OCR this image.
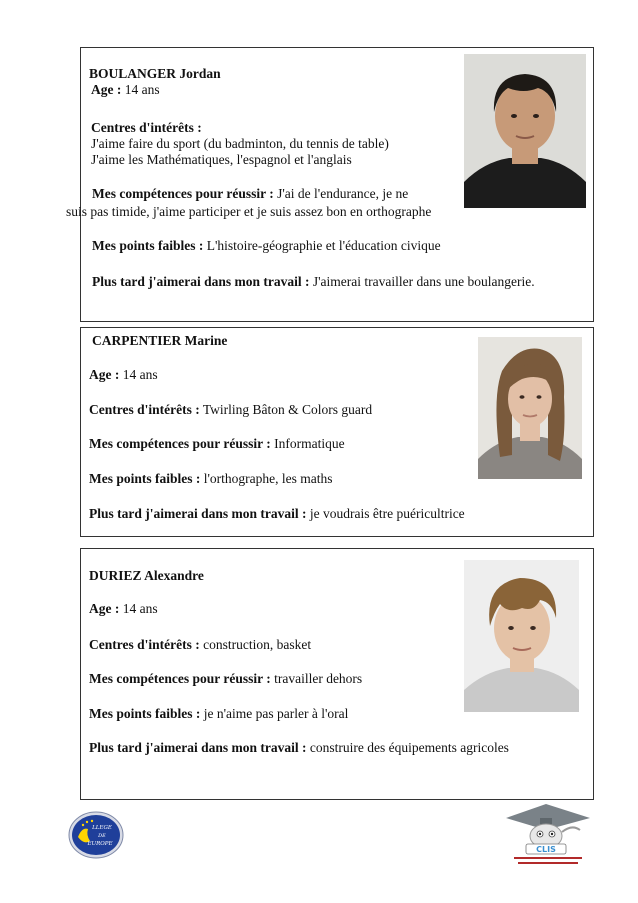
BOULANGER Jordan
Age : 14 ans
Centres d'intérêts :
J'aime faire du sport (du badminton, du tennis de table)
J'aime les Mathématiques, l'espagnol et l'anglais
Mes compétences pour réussir : J'ai de l'endurance, je ne
suis pas timide, j'aime participer et je suis assez bon en orthographe
Mes points faibles : L'histoire-géographie et l'éducation civique
Plus tard j'aimerai dans mon travail : J'aimerai travailler dans une boulangerie.
CARPENTIER Marine
Age : 14 ans
Centres d'intérêts : Twirling Bâton & Colors guard
Mes compétences pour réussir : Informatique
Mes points faibles : l'orthographe, les maths
Plus tard j'aimerai dans mon travail : je voudrais être puéricultrice
DURIEZ Alexandre
Age : 14 ans
Centres d'intérêts : construction, basket
Mes compétences pour réussir : travailler dehors
Mes points faibles : je n'aime pas parler à l'oral
Plus tard j'aimerai dans mon travail : construire des équipements agricoles
LLEGE
DE
EUROPE
CLIS
